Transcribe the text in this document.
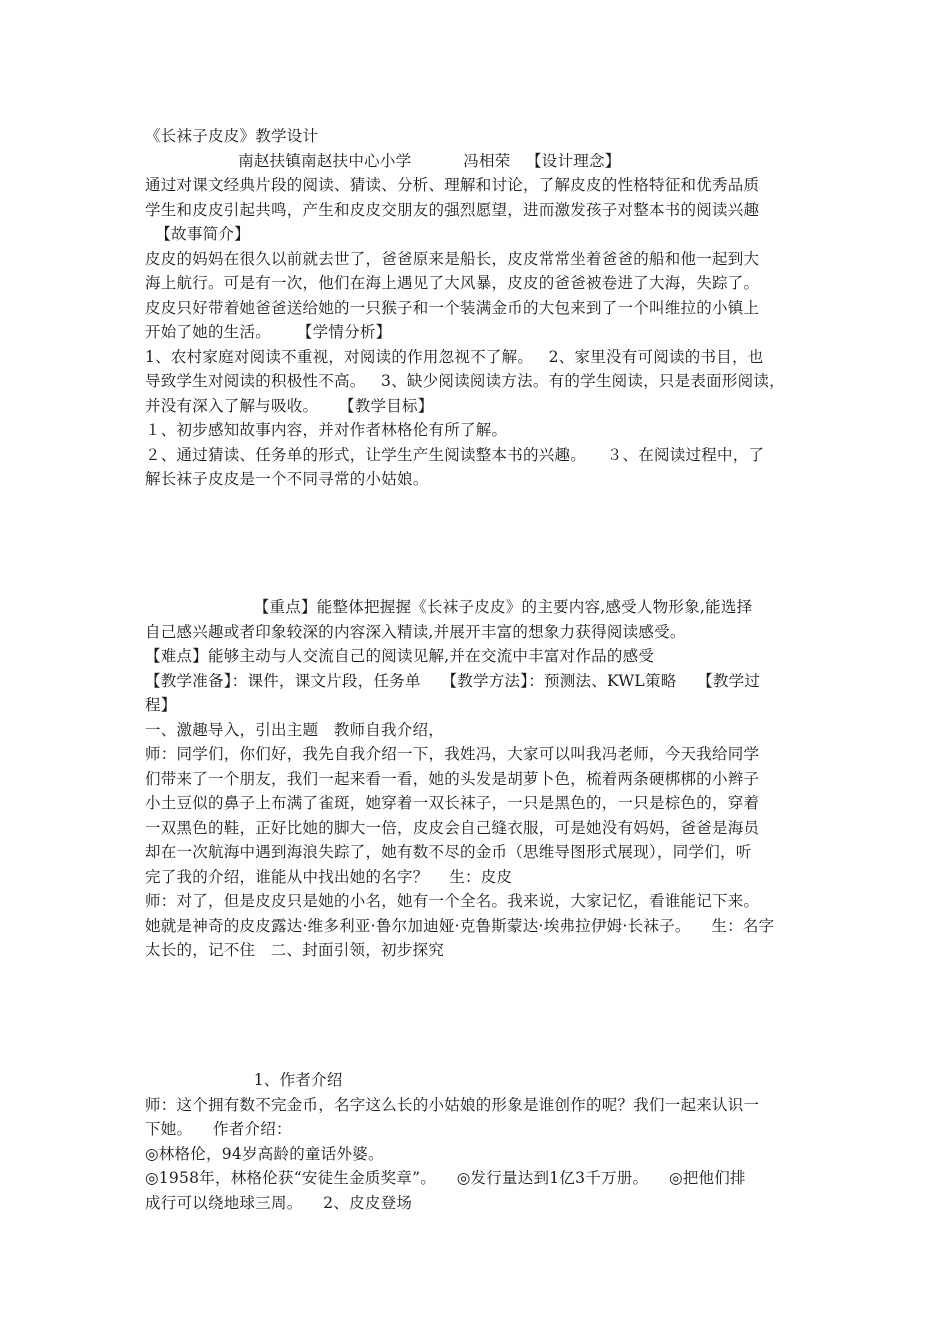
《长袜子皮皮》教学设计
南赵扶镇南赵扶中心小学          冯相荣   【设计理念】
通过对课文经典片段的阅读、猜读、分析、理解和讨论，了解皮皮的性格特征和优秀品质
学生和皮皮引起共鸣，产生和皮皮交朋友的强烈愿望，进而激发孩子对整本书的阅读兴趣
【故事简介】
皮皮的妈妈在很久以前就去世了，爸爸原来是船长，皮皮常常坐着爸爸的船和他一起到大
海上航行。可是有一次，他们在海上遇见了大风暴，皮皮的爸爸被卷进了大海，失踪了。
皮皮只好带着她爸爸送给她的一只猴子和一个装满金币的大包来到了一个叫维拉的小镇上
开始了她的生活。     【学情分析】
1、农村家庭对阅读不重视，对阅读的作用忽视不了解。   2、家里没有可阅读的书目，也
导致学生对阅读的积极性不高。   3、缺少阅读阅读方法。有的学生阅读，只是表面形阅读，
并没有深入了解与吸收。    【教学目标】
１、初步感知故事内容，并对作者林格伦有所了解。
２、通过猜读、任务单的形式，让学生产生阅读整本书的兴趣。    ３、在阅读过程中，了
解长袜子皮皮是一个不同寻常的小姑娘。
【重点】能整体把握握《长袜子皮皮》的主要内容,感受人物形象,能选择
自己感兴趣或者印象较深的内容深入精读,并展开丰富的想象力获得阅读感受。
【难点】能够主动与人交流自己的阅读见解,并在交流中丰富对作品的感受
【教学准备】：课件，课文片段，任务单    【教学方法】：预测法、KWL策略    【教学过
程】
一、激趣导入，引出主题   教师自我介绍，
师：同学们，你们好，我先自我介绍一下，我姓冯，大家可以叫我冯老师，今天我给同学
们带来了一个朋友，我们一起来看一看，她的头发是胡萝卜色，梳着两条硬梆梆的小辫子
小土豆似的鼻子上布满了雀斑，她穿着一双长袜子，一只是黑色的，一只是棕色的，穿着
一双黑色的鞋，正好比她的脚大一倍，皮皮会自己缝衣服，可是她没有妈妈，爸爸是海员
却在一次航海中遇到海浪失踪了，她有数不尽的金币（思维导图形式展现），同学们，听
完了我的介绍，谁能从中找出她的名字？    生：皮皮
师：对了，但是皮皮只是她的小名，她有一个全名。我来说，大家记忆，看谁能记下来。
她就是神奇的皮皮露达·维多利亚·鲁尔加迪娅·克鲁斯蒙达·埃弗拉伊姆·长袜子。    生：名字
太长的，记不住   二、封面引领，初步探究
1、作者介绍
师：这个拥有数不完金币，名字这么长的小姑娘的形象是谁创作的呢？我们一起来认识一
下她。    作者介绍：
◎林格伦，94岁高龄的童话外婆。
◎1958年，林格伦获“安徒生金质奖章”。    ◎发行量达到1亿3千万册。    ◎把他们排
成行可以绕地球三周。    2、皮皮登场
